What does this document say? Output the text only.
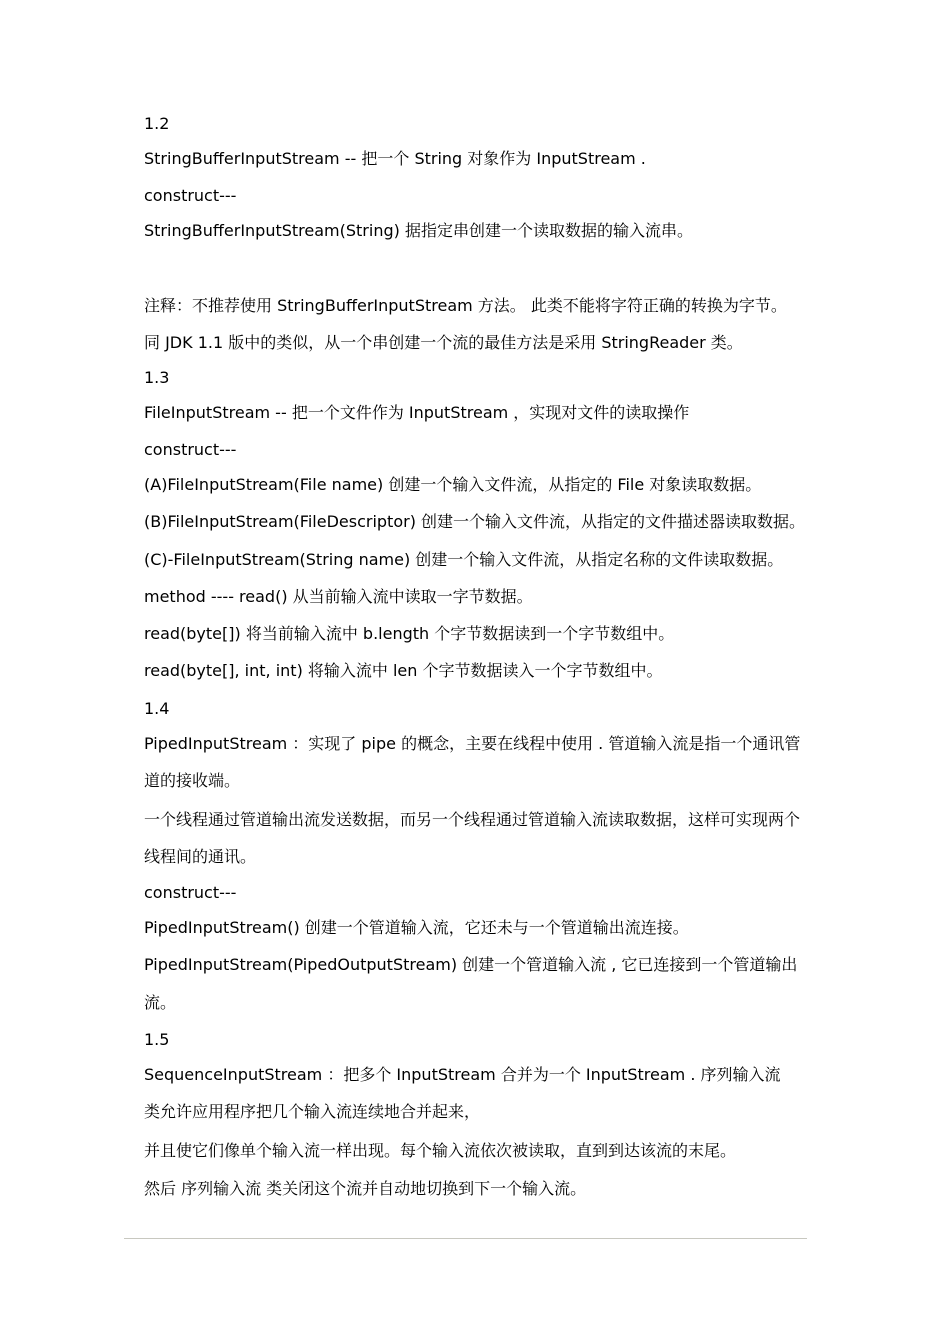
1.2
StringBufferInputStream -- 把一个 String 对象作为 InputStream .
construct---
StringBufferInputStream(String) 据指定串创建一个读取数据的输入流串。
注释：不推荐使用 StringBufferInputStream 方法。 此类不能将字符正确的转换为字节。
同 JDK 1.1 版中的类似，从一个串创建一个流的最佳方法是采用 StringReader 类。
1.3
FileInputStream -- 把一个文件作为 InputStream ，实现对文件的读取操作
construct---
(A)FileInputStream(File name) 创建一个输入文件流，从指定的 File 对象读取数据。
(B)FileInputStream(FileDescriptor) 创建一个输入文件流，从指定的文件描述器读取数据。
(C)-FileInputStream(String name) 创建一个输入文件流，从指定名称的文件读取数据。
method ---- read() 从当前输入流中读取一字节数据。
read(byte[]) 将当前输入流中 b.length 个字节数据读到一个字节数组中。
read(byte[], int, int) 将输入流中 len 个字节数据读入一个字节数组中。
1.4
PipedInputStream ：实现了 pipe 的概念，主要在线程中使用 . 管道输入流是指一个通讯管
道的接收端。
一个线程通过管道输出流发送数据，而另一个线程通过管道输入流读取数据，这样可实现两个
线程间的通讯。
construct---
PipedInputStream() 创建一个管道输入流，它还未与一个管道输出流连接。
PipedInputStream(PipedOutputStream) 创建一个管道输入流 , 它已连接到一个管道输出
流。
1.5
SequenceInputStream ：把多个 InputStream 合并为一个 InputStream . 序列输入流
类允许应用程序把几个输入流连续地合并起来，
并且使它们像单个输入流一样出现。每个输入流依次被读取，直到到达该流的末尾。
然后 序列输入流 类关闭这个流并自动地切换到下一个输入流。
